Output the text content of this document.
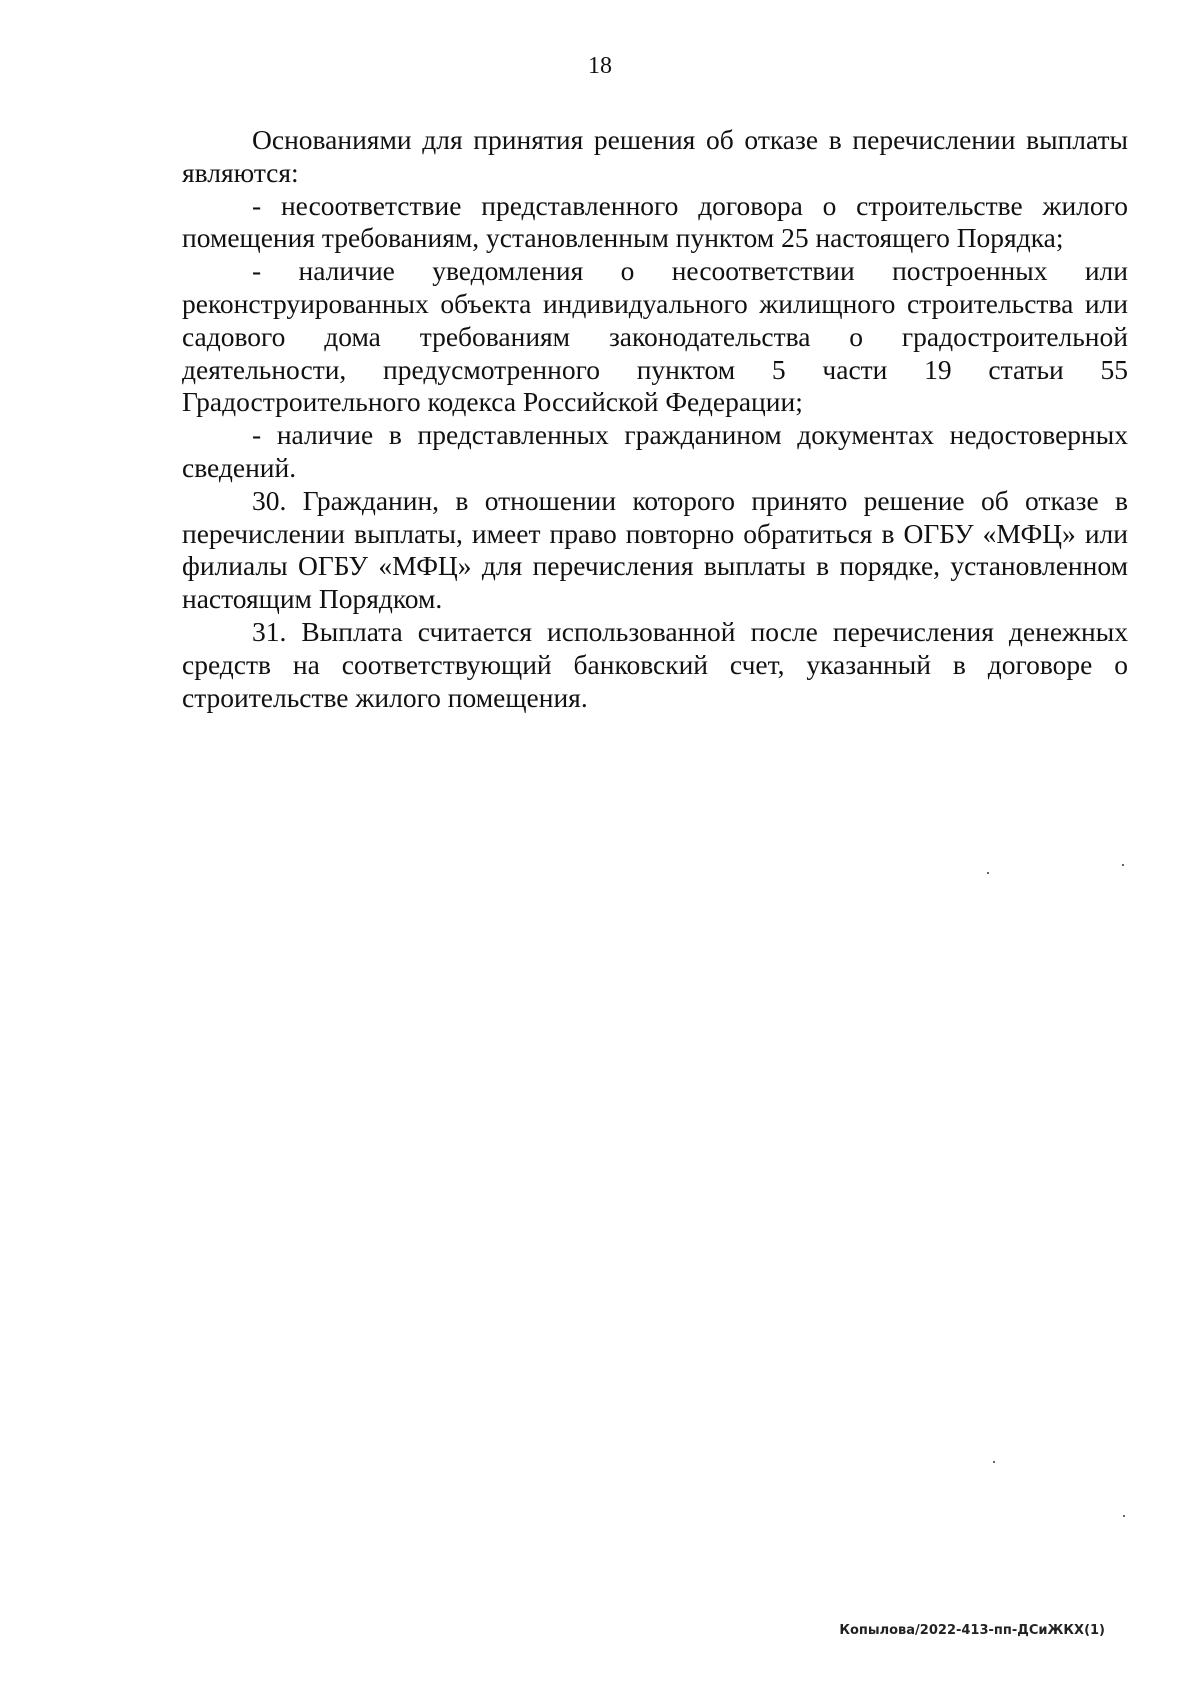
18

Основаниями для принятия решения об отказе в перечислении выплаты являются:

- несоответствие представленного договора о строительстве жилого помещения требованиям, установленным пунктом 25 настоящего Порядка;

- наличие уведомления о несоответствии построенных или реконструированных объекта индивидуального жилищного строительства или садового дома требованиям законодательства о градостроительной деятельности, предусмотренного пунктом 5 части 19 статьи 55 Градостроительного кодекса Российской Федерации;

- наличие в представленных гражданином документах недостоверных сведений.

30. Гражданин, в отношении которого принято решение об отказе в перечислении выплаты, имеет право повторно обратиться в ОГБУ «МФЦ» или филиалы ОГБУ «МФЦ» для перечисления выплаты в порядке, установленном настоящим Порядком.

31. Выплата считается использованной после перечисления денежных средств на соответствующий банковский счет, указанный в договоре о строительстве жилого помещения.

Копылова/2022-413-пп-ДСиЖКХ(1)
